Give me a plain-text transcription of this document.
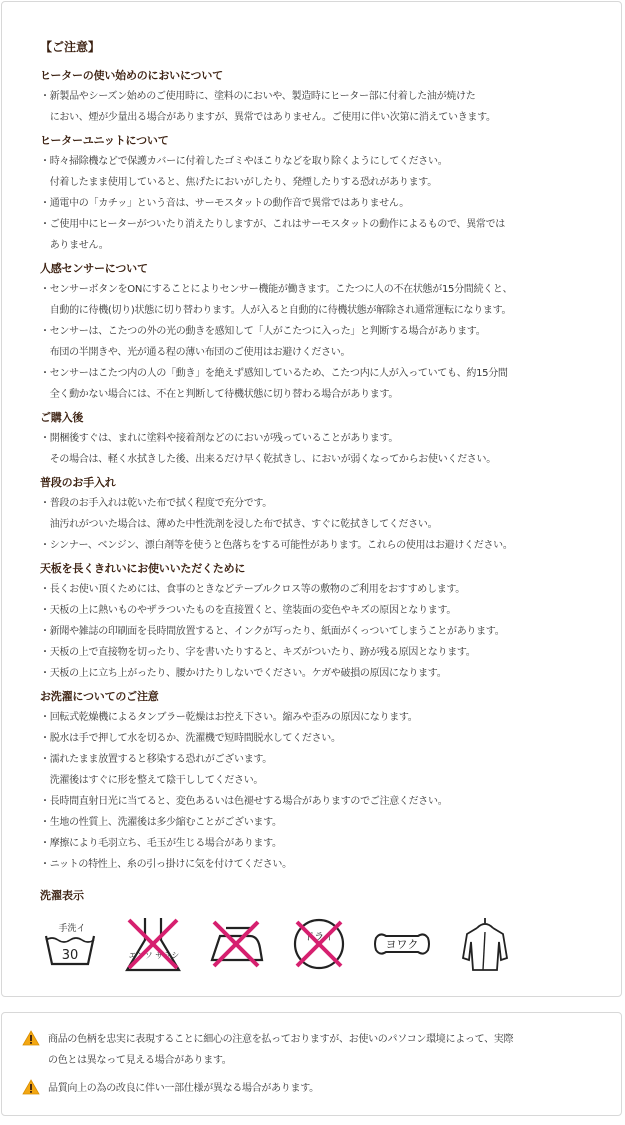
【ご注意】
ヒーターの使い始めのにおいについて
・新製品やシーズン始めのご使用時に、塗料のにおいや、製造時にヒーター部に付着した油が焼けた
　におい、煙が少量出る場合がありますが、異常ではありません。ご使用に伴い次第に消えていきます。
ヒーターユニットについて
・時々掃除機などで保護カバーに付着したゴミやほこりなどを取り除くようにしてください。
　付着したまま使用していると、焦げたにおいがしたり、発煙したりする恐れがあります。
・通電中の「カチッ」という音は、サーモスタットの動作音で異常ではありません。
・ご使用中にヒーターがついたり消えたりしますが、これはサーモスタットの動作によるもので、異常では
　ありません。
人感センサーについて
・センサーボタンをONにすることによりセンサー機能が働きます。こたつに人の不在状態が15分間続くと、
　自動的に待機(切り)状態に切り替わります。人が入ると自動的に待機状態が解除され通常運転になります。
・センサーは、こたつの外の光の動きを感知して「人がこたつに入った」と判断する場合があります。
　布団の半開きや、光が通る程の薄い布団のご使用はお避けください。
・センサーはこたつ内の人の「動き」を絶えず感知しているため、こたつ内に人が入っていても、約15分間
　全く動かない場合には、不在と判断して待機状態に切り替わる場合があります。
ご購入後
・開梱後すぐは、まれに塗料や接着剤などのにおいが残っていることがあります。
　その場合は、軽く水拭きした後、出来るだけ早く乾拭きし、においが弱くなってからお使いください。
普段のお手入れ
・普段のお手入れは乾いた布で拭く程度で充分です。
　油汚れがついた場合は、薄めた中性洗剤を浸した布で拭き、すぐに乾拭きしてください。
・シンナー、ベンジン、漂白剤等を使うと色落ちをする可能性があります。これらの使用はお避けください。
天板を長くきれいにお使いいただくために
・長くお使い頂くためには、食事のときなどテーブルクロス等の敷物のご利用をおすすめします。
・天板の上に熱いものやザラついたものを直接置くと、塗装面の変色やキズの原因となります。
・新聞や雑誌の印刷面を長時間放置すると、インクが写ったり、紙面がくっついてしまうことがあります。
・天板の上で直接物を切ったり、字を書いたりすると、キズがついたり、跡が残る原因となります。
・天板の上に立ち上がったり、腰かけたりしないでください。ケガや破損の原因になります。
お洗濯についてのご注意
・回転式乾燥機によるタンブラー乾燥はお控え下さい。縮みや歪みの原因になります。
・脱水は手で押して水を切るか、洗濯機で短時間脱水してください。
・濡れたまま放置すると移染する恐れがございます。
　洗濯後はすぐに形を整えて陰干ししてください。
・長時間直射日光に当てると、変色あるいは色褪せする場合がありますのでご注意ください。
・生地の性質上、洗濯後は多少縮むことがございます。
・摩擦により毛羽立ち、毛玉が生じる場合があります。
・ニットの特性上、糸の引っ掛けに気を付けてください。
洗濯表示
手洗イ
30	エンソ サラシ
ドライ
ヨワク
商品の色柄を忠実に表現することに細心の注意を払っておりますが、お使いのパソコン環境によって、実際
の色とは異なって見える場合があります。
品質向上の為の改良に伴い一部仕様が異なる場合があります。
